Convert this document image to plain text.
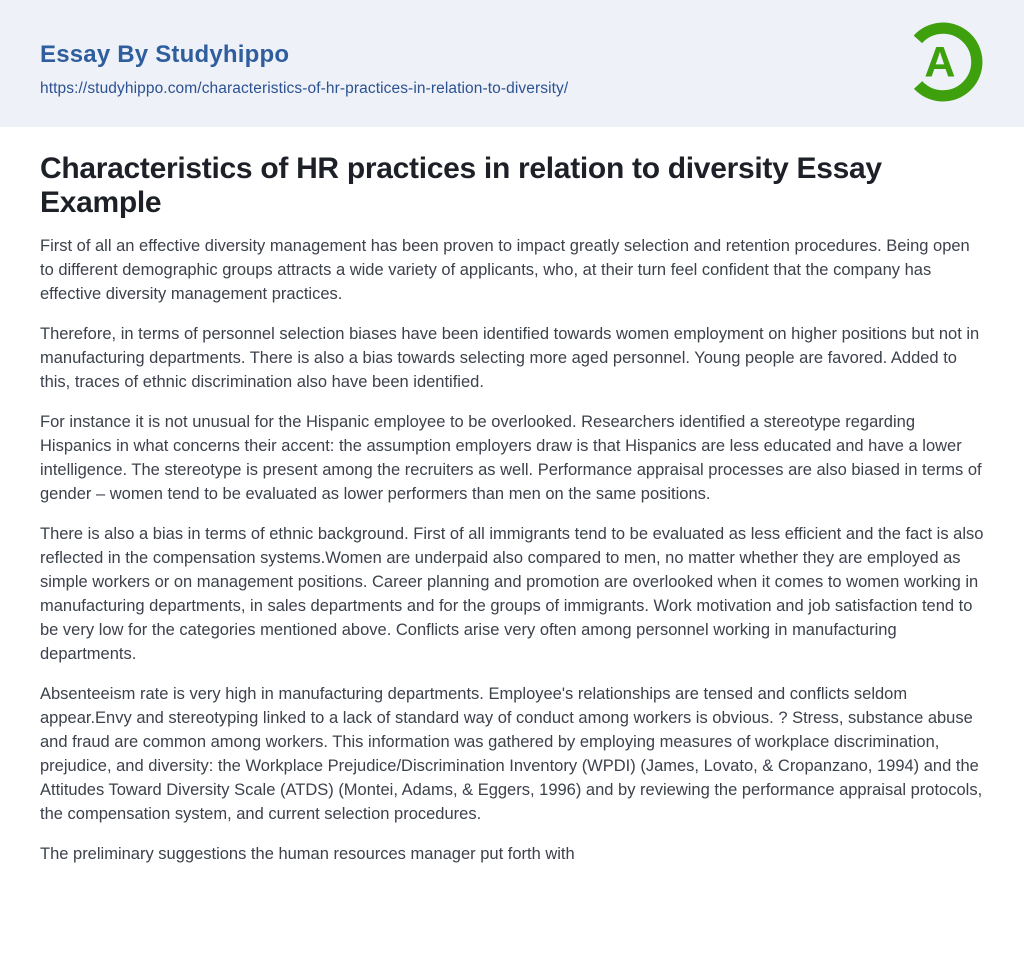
Essay By Studyhippo
https://studyhippo.com/characteristics-of-hr-practices-in-relation-to-diversity/
A
Characteristics of HR practices in relation to diversity Essay Example

First of all an effective diversity management has been proven to impact greatly selection and retention procedures. Being open to different demographic groups attracts a wide variety of applicants, who, at their turn feel confident that the company has effective diversity management practices.

Therefore, in terms of personnel selection biases have been identified towards women employment on higher positions but not in manufacturing departments. There is also a bias towards selecting more aged personnel. Young people are favored. Added to this, traces of ethnic discrimination also have been identified.

For instance it is not unusual for the Hispanic employee to be overlooked. Researchers identified a stereotype regarding Hispanics in what concerns their accent: the assumption employers draw is that Hispanics are less educated and have a lower intelligence. The stereotype is present among the recruiters as well. Performance appraisal processes are also biased in terms of gender – women tend to be evaluated as lower performers than men on the same positions.

There is also a bias in terms of ethnic background. First of all immigrants tend to be evaluated as less efficient and the fact is also reflected in the compensation systems.Women are underpaid also compared to men, no matter whether they are employed as simple workers or on management positions. Career planning and promotion are overlooked when it comes to women working in manufacturing departments, in sales departments and for the groups of immigrants. Work motivation and job satisfaction tend to be very low for the categories mentioned above. Conflicts arise very often among personnel working in manufacturing departments.

Absenteeism rate is very high in manufacturing departments. Employee's relationships are tensed and conflicts seldom appear.Envy and stereotyping linked to a lack of standard way of conduct among workers is obvious. ? Stress, substance abuse and fraud are common among workers. This information was gathered by employing measures of workplace discrimination, prejudice, and diversity: the Workplace Prejudice/Discrimination Inventory (WPDI) (James, Lovato, & Cropanzano, 1994) and the Attitudes Toward Diversity Scale (ATDS) (Montei, Adams, & Eggers, 1996) and by reviewing the performance appraisal protocols, the compensation system, and current selection procedures.

The preliminary suggestions the human resources manager put forth with
